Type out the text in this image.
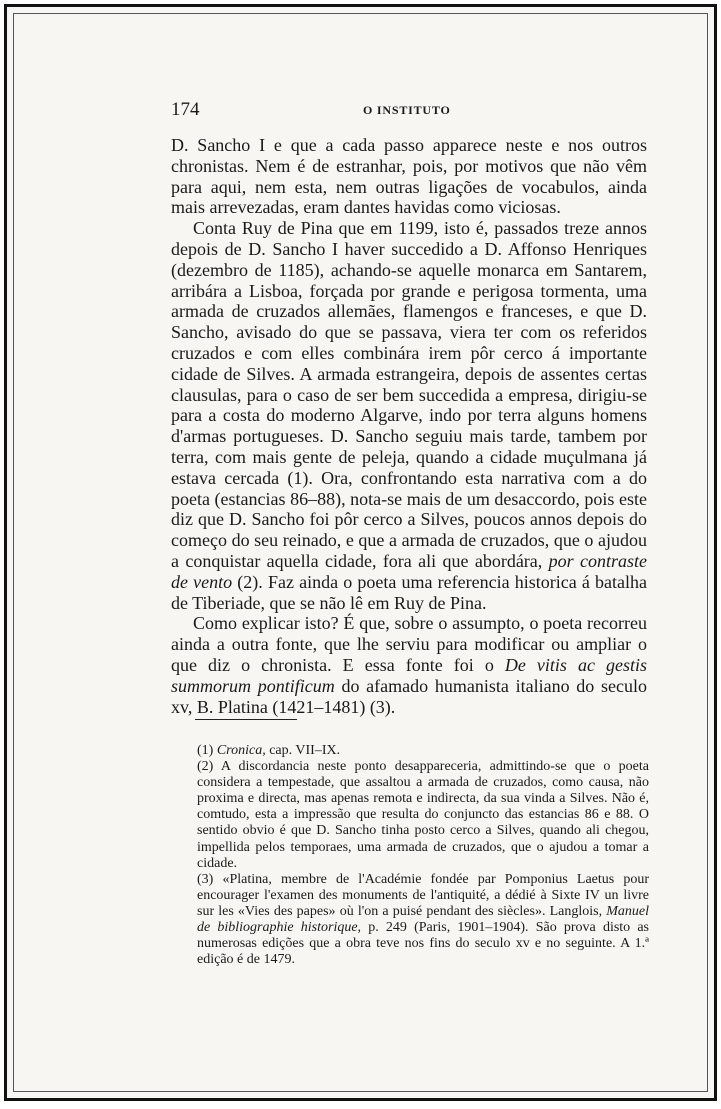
174	O INSTITUTO

D. Sancho I e que a cada passo apparece neste e nos outros chronistas. Nem é de estranhar, pois, por motivos que não vêm para aqui, nem esta, nem outras ligações de vocabulos, ainda mais arrevezadas, eram dantes havidas como viciosas.

Conta Ruy de Pina que em 1199, isto é, passados treze annos depois de D. Sancho I haver succedido a D. Affonso Henriques (dezembro de 1185), achando-se aquelle monarca em Santarem, arribára a Lisboa, forçada por grande e perigosa tormenta, uma armada de cruzados allemães, flamengos e franceses, e que D. Sancho, avisado do que se passava, viera ter com os referidos cruzados e com elles combinára irem pôr cerco á importante cidade de Silves. A armada estrangeira, depois de assentes certas clausulas, para o caso de ser bem succedida a empresa, dirigiu-se para a costa do moderno Algarve, indo por terra alguns homens d'armas portugueses. D. Sancho seguiu mais tarde, tambem por terra, com mais gente de peleja, quando a cidade muçulmana já estava cercada (1). Ora, confrontando esta narrativa com a do poeta (estancias 86–88), nota-se mais de um desaccordo, pois este diz que D. Sancho foi pôr cerco a Silves, poucos annos depois do começo do seu reinado, e que a armada de cruzados, que o ajudou a conquistar aquella cidade, fora ali que abordára, por contraste de vento (2). Faz ainda o poeta uma referencia historica á batalha de Tiberiade, que se não lê em Ruy de Pina.

Como explicar isto? É que, sobre o assumpto, o poeta recorreu ainda a outra fonte, que lhe serviu para modificar ou ampliar o que diz o chronista. E essa fonte foi o De vitis ac gestis summorum pontificum do afamado humanista italiano do seculo xv, B. Platina (1421–1481) (3).

(1) Cronica, cap. VII–IX.

(2) A discordancia neste ponto desappareceria, admittindo-se que o poeta considera a tempestade, que assaltou a armada de cruzados, como causa, não proxima e directa, mas apenas remota e indirecta, da sua vinda a Silves. Não é, comtudo, esta a impressão que resulta do conjuncto das estancias 86 e 88. O sentido obvio é que D. Sancho tinha posto cerco a Silves, quando ali chegou, impellida pelos temporaes, uma armada de cruzados, que o ajudou a tomar a cidade.

(3) «Platina, membre de l'Académie fondée par Pomponius Laetus pour encourager l'examen des monuments de l'antiquité, a dédié à Sixte IV un livre sur les «Vies des papes» où l'on a puisé pendant des siècles». Langlois, Manuel de bibliographie historique, p. 249 (Paris, 1901–1904). São prova disto as numerosas edições que a obra teve nos fins do seculo xv e no seguinte. A 1.ª edição é de 1479.
